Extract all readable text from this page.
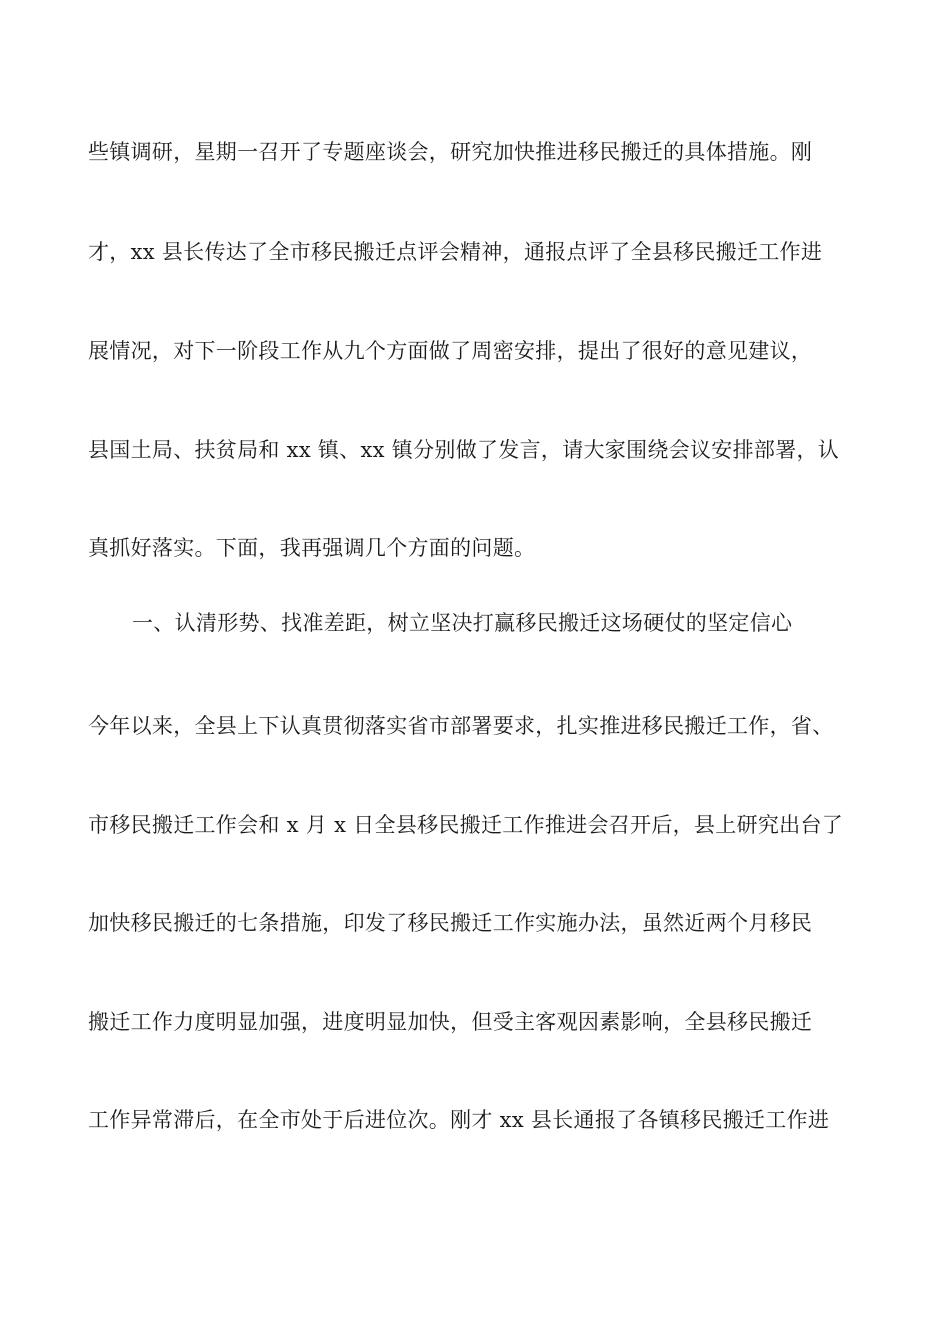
些镇调研，星期一召开了专题座谈会，研究加快推进移民搬迁的具体措施。刚
才，xx 县长传达了全市移民搬迁点评会精神，通报点评了全县移民搬迁工作进
展情况，对下一阶段工作从九个方面做了周密安排，提出了很好的意见建议，
县国土局、扶贫局和 xx 镇、xx 镇分别做了发言，请大家围绕会议安排部署，认
真抓好落实。下面，我再强调几个方面的问题。
一、认清形势、找准差距，树立坚决打赢移民搬迁这场硬仗的坚定信心
今年以来，全县上下认真贯彻落实省市部署要求，扎实推进移民搬迁工作，省、
市移民搬迁工作会和 x 月 x 日全县移民搬迁工作推进会召开后，县上研究出台了
加快移民搬迁的七条措施，印发了移民搬迁工作实施办法，虽然近两个月移民
搬迁工作力度明显加强，进度明显加快，但受主客观因素影响，全县移民搬迁
工作异常滞后，在全市处于后进位次。刚才 xx 县长通报了各镇移民搬迁工作进
